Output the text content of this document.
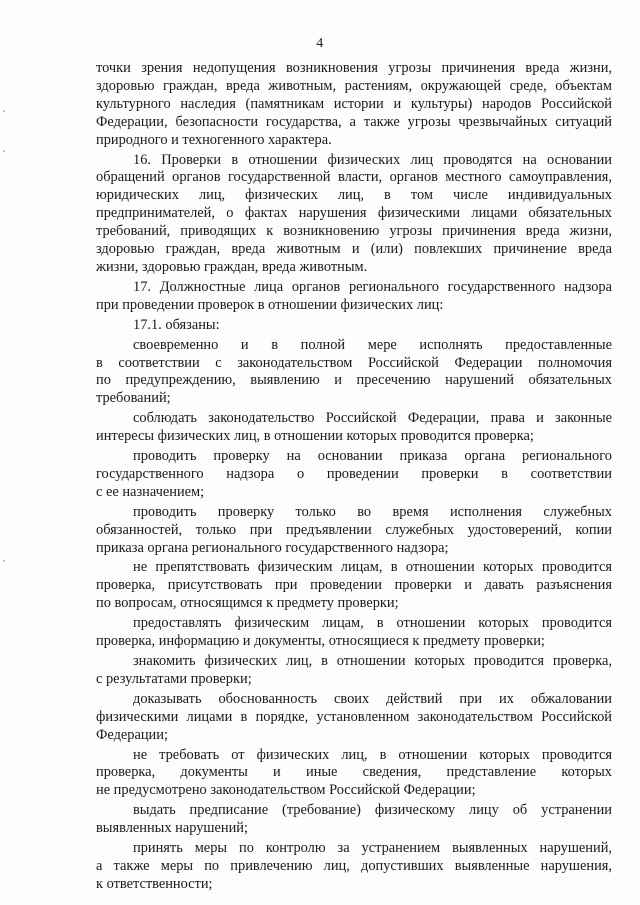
4
точки зрения недопущения возникновения угрозы причинения вреда жизни,
здоровью граждан, вреда животным, растениям, окружающей среде, объектам
культурного наследия (памятникам истории и культуры) народов Российской
Федерации, безопасности государства, а также угрозы чрезвычайных ситуаций
природного и техногенного характера.
16. Проверки в отношении физических лиц проводятся на основании
обращений органов государственной власти, органов местного самоуправления,
юридических лиц, физических лиц, в том числе индивидуальных
предпринимателей, о фактах нарушения физическими лицами обязательных
требований, приводящих к возникновению угрозы причинения вреда жизни,
здоровью граждан, вреда животным и (или) повлекших причинение вреда
жизни, здоровью граждан, вреда животным.
17. Должностные лица органов регионального государственного надзора
при проведении проверок в отношении физических лиц:
17.1. обязаны:
своевременно и в полной мере исполнять предоставленные
в соответствии с законодательством Российской Федерации полномочия
по предупреждению, выявлению и пресечению нарушений обязательных
требований;
соблюдать законодательство Российской Федерации, права и законные
интересы физических лиц, в отношении которых проводится проверка;
проводить проверку на основании приказа органа регионального
государственного надзора о проведении проверки в соответствии
с ее назначением;
проводить проверку только во время исполнения служебных
обязанностей, только при предъявлении служебных удостоверений, копии
приказа органа регионального государственного надзора;
не препятствовать физическим лицам, в отношении которых проводится
проверка, присутствовать при проведении проверки и давать разъяснения
по вопросам, относящимся к предмету проверки;
предоставлять физическим лицам, в отношении которых проводится
проверка, информацию и документы, относящиеся к предмету проверки;
знакомить физических лиц, в отношении которых проводится проверка,
с результатами проверки;
доказывать обоснованность своих действий при их обжаловании
физическими лицами в порядке, установленном законодательством Российской
Федерации;
не требовать от физических лиц, в отношении которых проводится
проверка, документы и иные сведения, представление которых
не предусмотрено законодательством Российской Федерации;
выдать предписание (требование) физическому лицу об устранении
выявленных нарушений;
принять меры по контролю за устранением выявленных нарушений,
а также меры по привлечению лиц, допустивших выявленные нарушения,
к ответственности;
